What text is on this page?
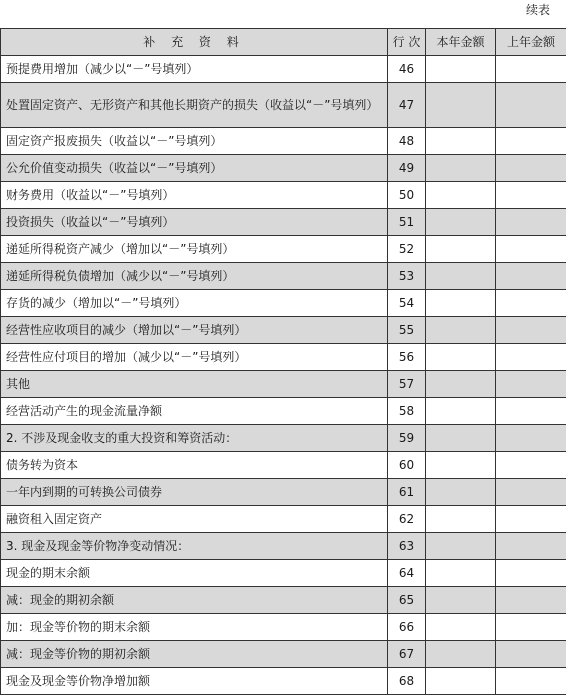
续表
补 充 资 料	行 次	本年金额	上年金额
预提费用增加（减少以“－”号填列）	46		
处置固定资产、无形资产和其他长期资产的损失（收益以“－”号填列）	47		
固定资产报废损失（收益以“－”号填列）	48		
公允价值变动损失（收益以“－”号填列）	49		
财务费用（收益以“－”号填列）	50		
投资损失（收益以“－”号填列）	51		
递延所得税资产减少（增加以“－”号填列）	52		
递延所得税负债增加（减少以“－”号填列）	53		
存货的减少（增加以“－”号填列）	54		
经营性应收项目的减少（增加以“－”号填列）	55		
经营性应付项目的增加（减少以“－”号填列）	56		
其他	57		
经营活动产生的现金流量净额	58		
2. 不涉及现金收支的重大投资和筹资活动：	59		
债务转为资本	60		
一年内到期的可转换公司债券	61		
融资租入固定资产	62		
3. 现金及现金等价物净变动情况：	63		
现金的期末余额	64		
减：现金的期初余额	65		
加：现金等价物的期末余额	66		
减：现金等价物的期初余额	67		
现金及现金等价物净增加额	68		
